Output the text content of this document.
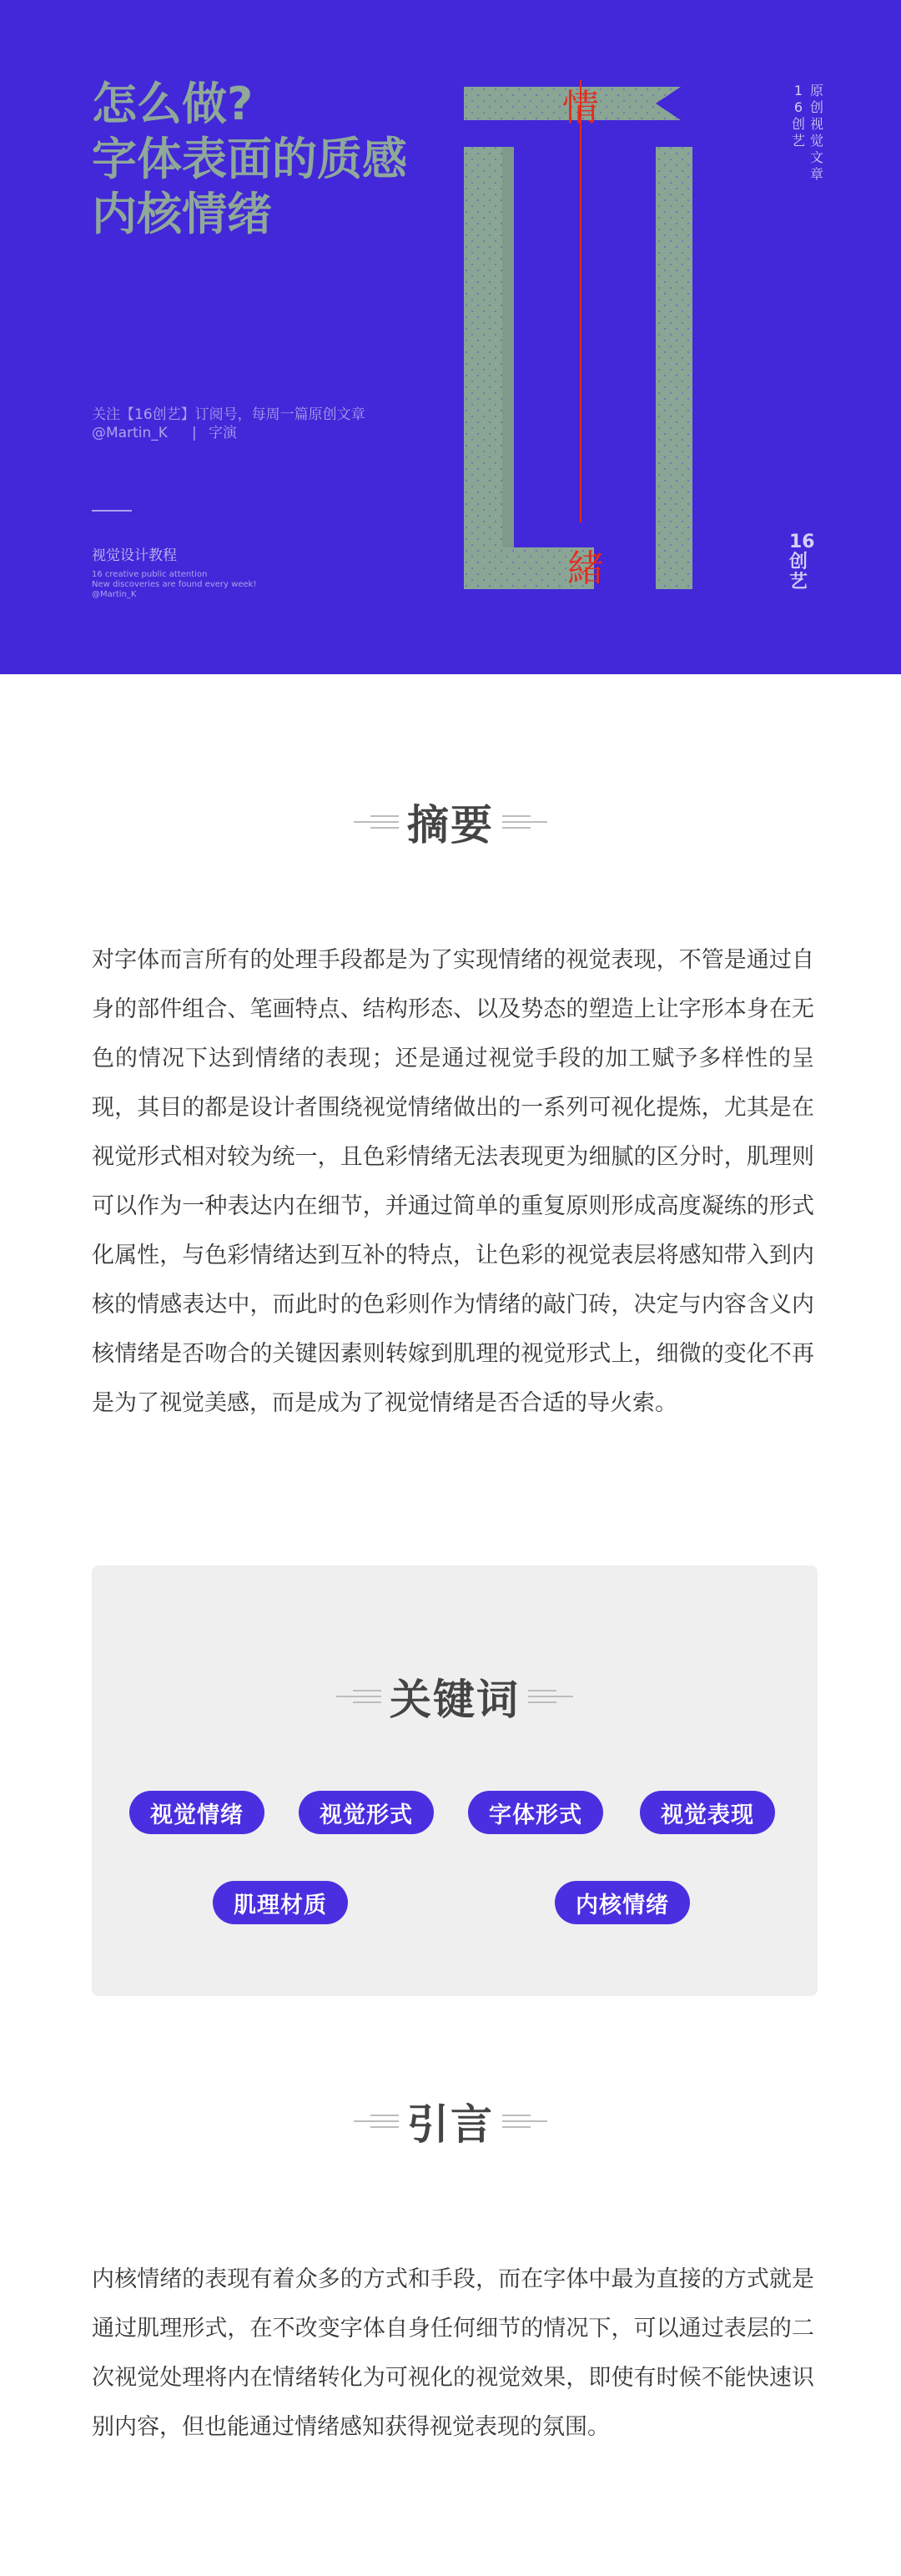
怎么做?
字体表面的质感
内核情绪
关注【16创艺】订阅号，每周一篇原创文章
@Martin_K	| 字演
视觉设计教程
16 creative public attention
New discoveries are found every week!
@Martin_K
情
緒
1
6
创
艺
原
创
视
觉
文
章
16
创
艺
摘要

对字体而言所有的处理手段都是为了实现情绪的视觉表现，不管是通过自身的部件组合、笔画特点、结构形态、以及势态的塑造上让字形本身在无色的情况下达到情绪的表现；还是通过视觉手段的加工赋予多样性的呈现，其目的都是设计者围绕视觉情绪做出的一系列可视化提炼，尤其是在视觉形式相对较为统一，且色彩情绪无法表现更为细腻的区分时，肌理则可以作为一种表达内在细节，并通过简单的重复原则形成高度凝练的形式化属性，与色彩情绪达到互补的特点，让色彩的视觉表层将感知带入到内核的情感表达中，而此时的色彩则作为情绪的敲门砖，决定与内容含义内核情绪是否吻合的关键因素则转嫁到肌理的视觉形式上，细微的变化不再是为了视觉美感，而是成为了视觉情绪是否合适的导火索。

关键词
视觉情绪	视觉形式	字体形式	视觉表现
肌理材质	内核情绪
引言

内核情绪的表现有着众多的方式和手段，而在字体中最为直接的方式就是通过肌理形式，在不改变字体自身任何细节的情况下，可以通过表层的二次视觉处理将内在情绪转化为可视化的视觉效果，即使有时候不能快速识别内容，但也能通过情绪感知获得视觉表现的氛围。
